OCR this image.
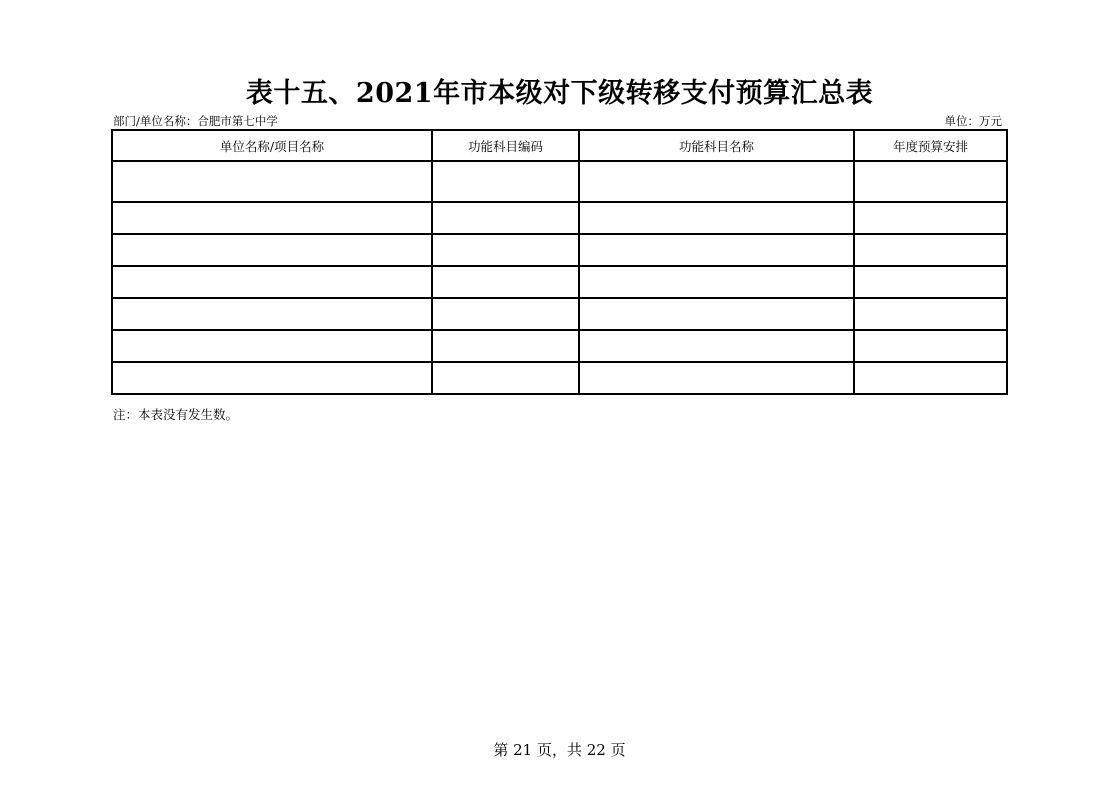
表十五、2021年市本级对下级转移支付预算汇总表
部门/单位名称：合肥市第七中学	单位：万元
单位名称/项目名称	功能科目编码	功能科目名称	年度预算安排

注：本表没有发生数。
第 21 页，共 22 页
